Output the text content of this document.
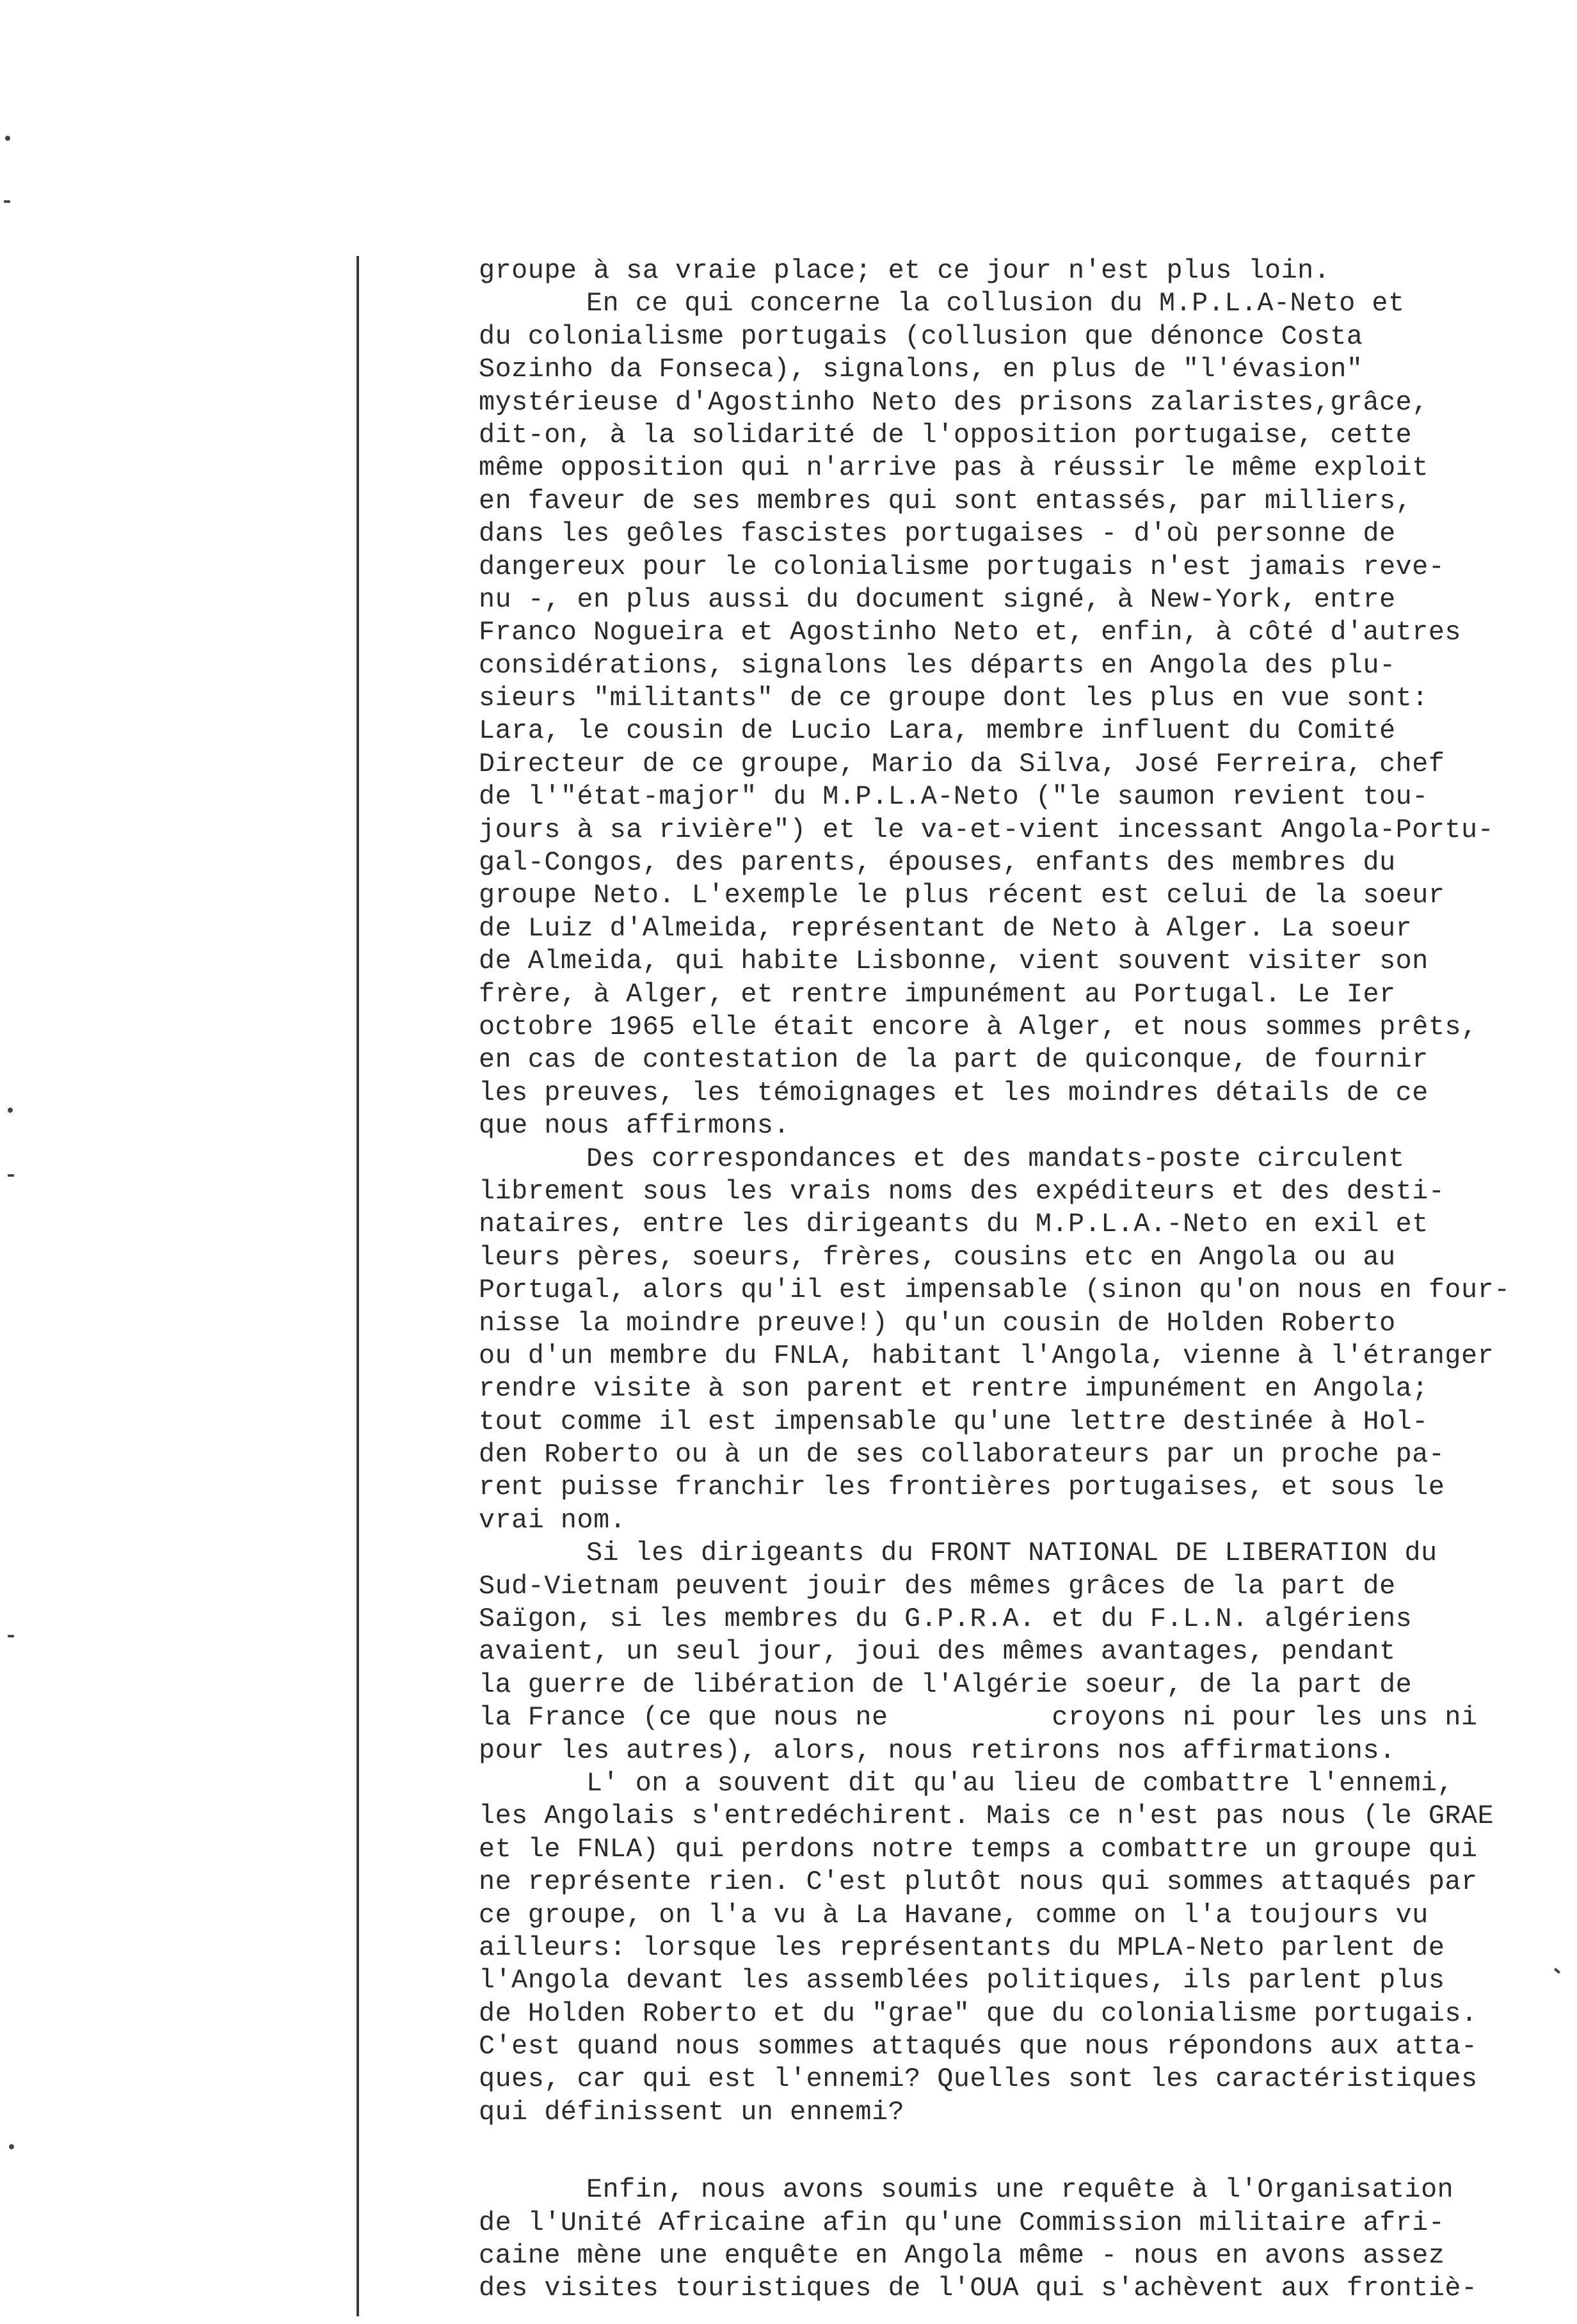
groupe à sa vraie place; et ce jour n'est plus loin.
En ce qui concerne la collusion du M.P.L.A-Neto et
du colonialisme portugais (collusion que dénonce Costa
Sozinho da Fonseca), signalons, en plus de "l'évasion"
mystérieuse d'Agostinho Neto des prisons zalaristes,grâce,
dit-on, à la solidarité de l'opposition portugaise, cette
même opposition qui n'arrive pas à réussir le même exploit
en faveur de ses membres qui sont entassés, par milliers,
dans les geôles fascistes portugaises - d'où personne de
dangereux pour le colonialisme portugais n'est jamais reve-
nu -, en plus aussi du document signé, à New-York, entre
Franco Nogueira et Agostinho Neto et, enfin, à côté d'autres
considérations, signalons les départs en Angola des plu-
sieurs "militants" de ce groupe dont les plus en vue sont:
Lara, le cousin de Lucio Lara, membre influent du Comité
Directeur de ce groupe, Mario da Silva, José Ferreira, chef
de l'"état-major" du M.P.L.A-Neto ("le saumon revient tou-
jours à sa rivière") et le va-et-vient incessant Angola-Portu-
gal-Congos, des parents, épouses, enfants des membres du
groupe Neto. L'exemple le plus récent est celui de la soeur
de Luiz d'Almeida, représentant de Neto à Alger. La soeur
de Almeida, qui habite Lisbonne, vient souvent visiter son
frère, à Alger, et rentre impunément au Portugal. Le Ier
octobre 1965 elle était encore à Alger, et nous sommes prêts,
en cas de contestation de la part de quiconque, de fournir
les preuves, les témoignages et les moindres détails de ce
que nous affirmons.
Des correspondances et des mandats-poste circulent
librement sous les vrais noms des expéditeurs et des desti-
nataires, entre les dirigeants du M.P.L.A.-Neto en exil et
leurs pères, soeurs, frères, cousins etc en Angola ou au
Portugal, alors qu'il est impensable (sinon qu'on nous en four-
nisse la moindre preuve!) qu'un cousin de Holden Roberto
ou d'un membre du FNLA, habitant l'Angola, vienne à l'étranger
rendre visite à son parent et rentre impunément en Angola;
tout comme il est impensable qu'une lettre destinée à Hol-
den Roberto ou à un de ses collaborateurs par un proche pa-
rent puisse franchir les frontières portugaises, et sous le
vrai nom.
Si les dirigeants du FRONT NATIONAL DE LIBERATION du
Sud-Vietnam peuvent jouir des mêmes grâces de la part de
Saïgon, si les membres du G.P.R.A. et du F.L.N. algériens
avaient, un seul jour, joui des mêmes avantages, pendant
la guerre de libération de l'Algérie soeur, de la part de
la France (ce que nous ne          croyons ni pour les uns ni
pour les autres), alors, nous retirons nos affirmations.
L' on a souvent dit qu'au lieu de combattre l'ennemi,
les Angolais s'entredéchirent. Mais ce n'est pas nous (le GRAE
et le FNLA) qui perdons notre temps a combattre un groupe qui
ne représente rien. C'est plutôt nous qui sommes attaqués par
ce groupe, on l'a vu à La Havane, comme on l'a toujours vu
ailleurs: lorsque les représentants du MPLA-Neto parlent de
l'Angola devant les assemblées politiques, ils parlent plus
de Holden Roberto et du "grae" que du colonialisme portugais.
C'est quand nous sommes attaqués que nous répondons aux atta-
ques, car qui est l'ennemi? Quelles sont les caractéristiques
qui définissent un ennemi?
Enfin, nous avons soumis une requête à l'Organisation
de l'Unité Africaine afin qu'une Commission militaire afri-
caine mène une enquête en Angola même - nous en avons assez
des visites touristiques de l'OUA qui s'achèvent aux frontiè-
